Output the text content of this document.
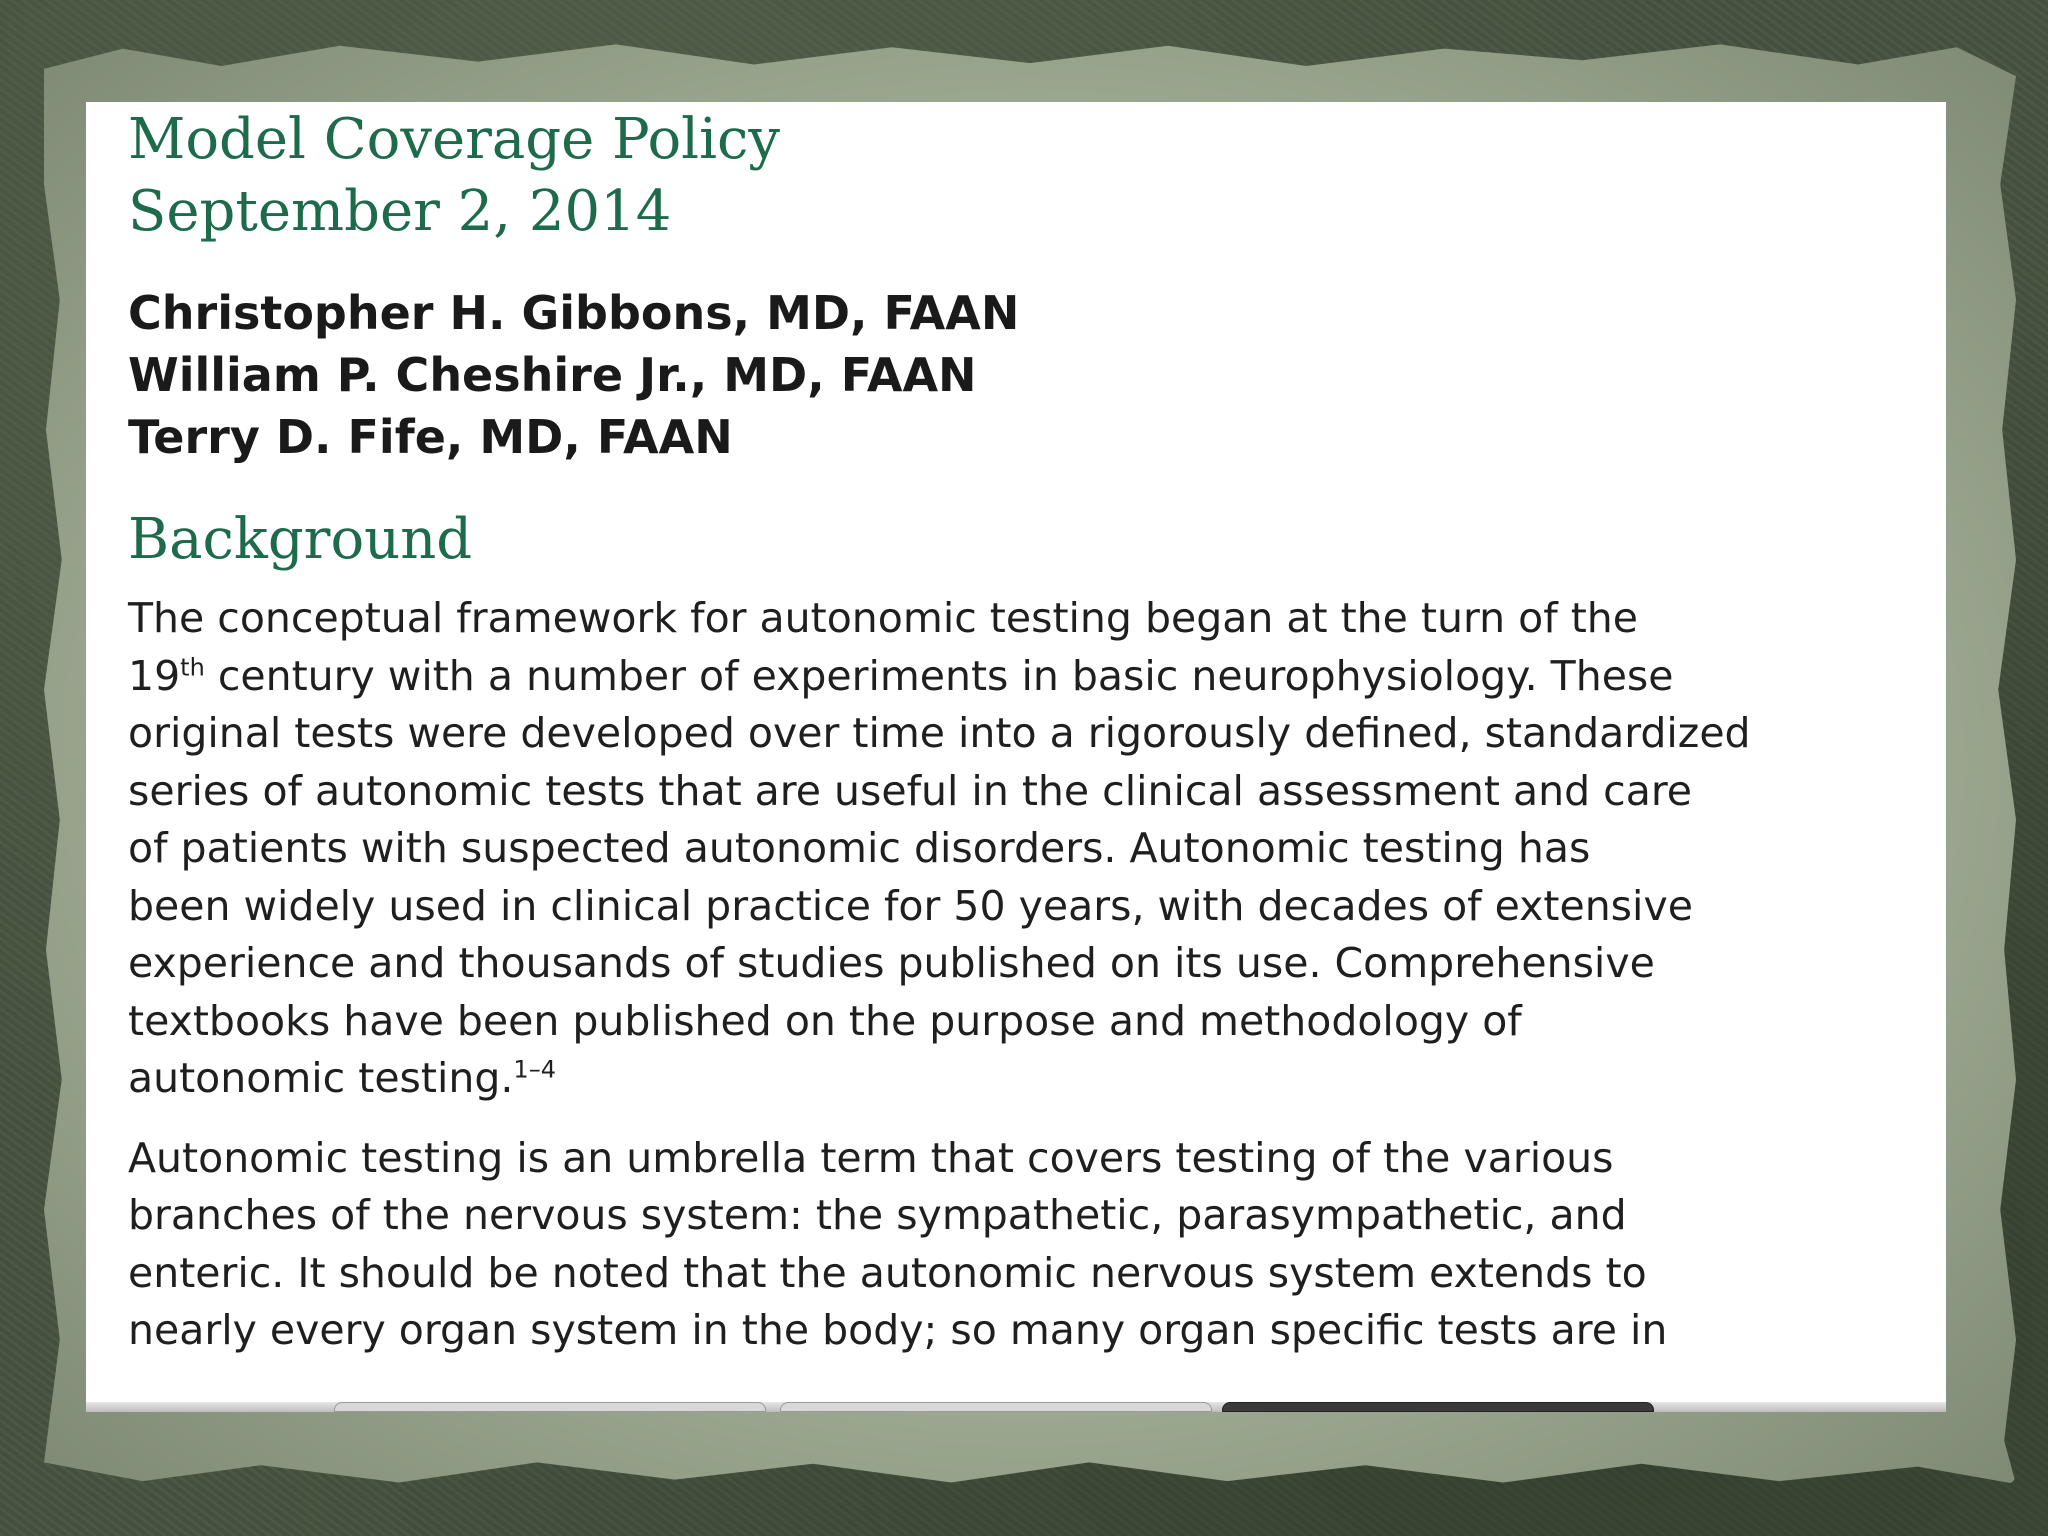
Model Coverage Policy
September 2, 2014
Christopher H. Gibbons, MD, FAAN
William P. Cheshire Jr., MD, FAAN
Terry D. Fife, MD, FAAN
Background

The conceptual framework for autonomic testing began at the turn of the
19th century with a number of experiments in basic neurophysiology. These
original tests were developed over time into a rigorously defined, standardized
series of autonomic tests that are useful in the clinical assessment and care
of patients with suspected autonomic disorders. Autonomic testing has
been widely used in clinical practice for 50 years, with decades of extensive
experience and thousands of studies published on its use. Comprehensive
textbooks have been published on the purpose and methodology of
autonomic testing.$^{1-4}$

Autonomic testing is an umbrella term that covers testing of the various
branches of the nervous system: the sympathetic, parasympathetic, and
enteric. It should be noted that the autonomic nervous system extends to
nearly every organ system in the body; so many organ specific tests are in
